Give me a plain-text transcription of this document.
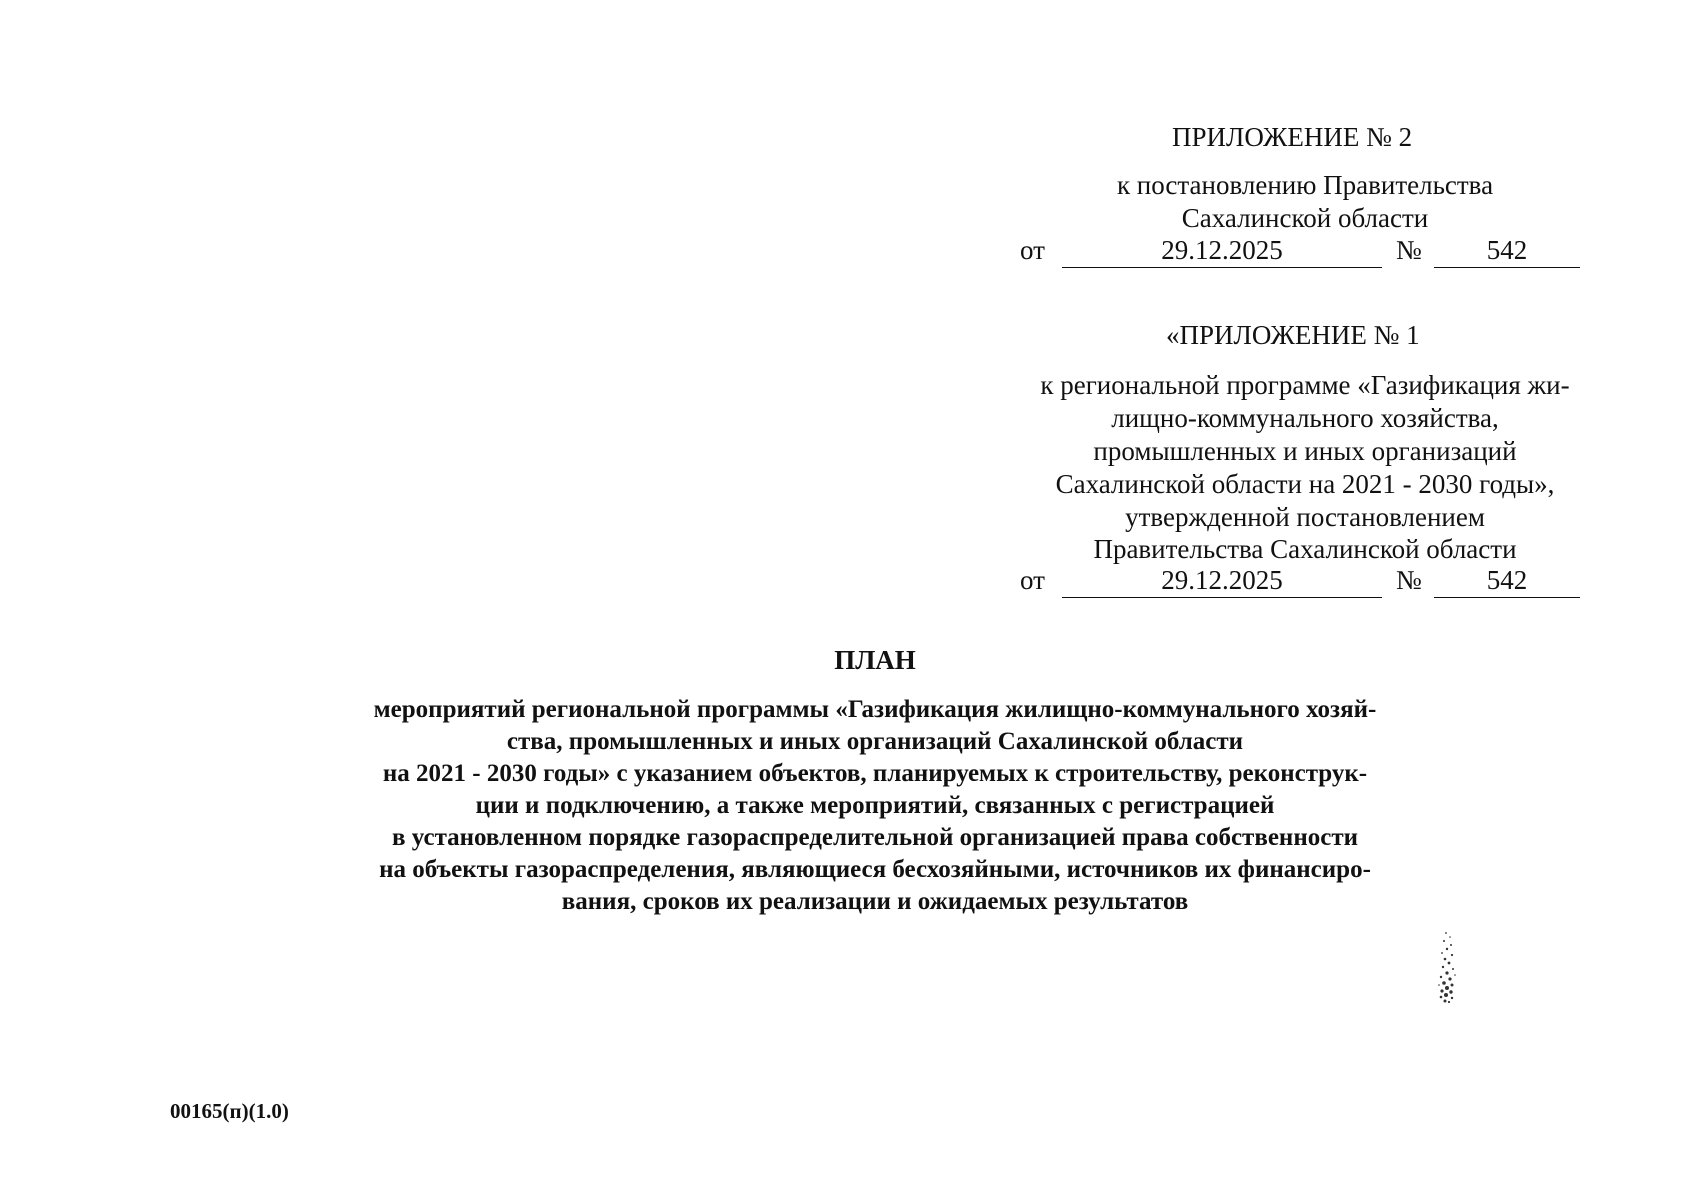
ПРИЛОЖЕНИЕ № 2
к постановлению Правительства
Сахалинской области
от	29.12.2025	№	542
«ПРИЛОЖЕНИЕ № 1
к региональной программе «Газификация жи-
лищно-коммунального хозяйства,
промышленных и иных организаций
Сахалинской области на 2021 - 2030 годы»,
утвержденной постановлением
Правительства Сахалинской области
от	29.12.2025	№	542
ПЛАН
мероприятий региональной программы «Газификация жилищно-коммунального хозяй-
ства, промышленных и иных организаций Сахалинской области
на 2021 - 2030 годы» с указанием объектов, планируемых к строительству, реконструк-
ции и подключению, а также мероприятий, связанных с регистрацией
в установленном порядке газораспределительной организацией права собственности
на объекты газораспределения, являющиеся бесхозяйными, источников их финансиро-
вания, сроков их реализации и ожидаемых результатов
00165(п)(1.0)
